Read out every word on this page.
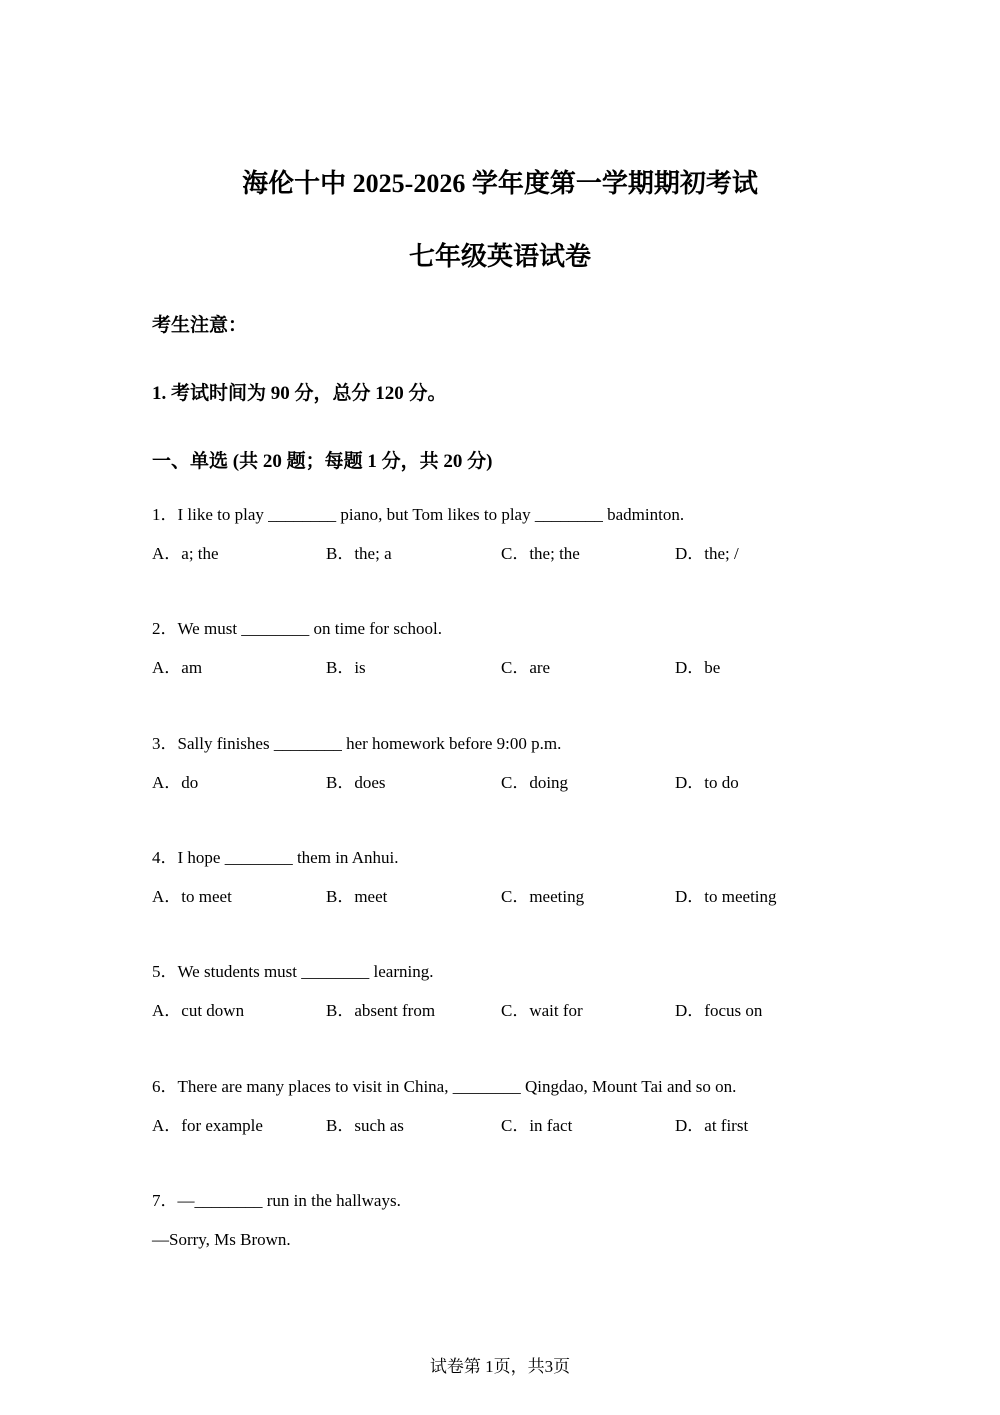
海伦十中 2025-2026 学年度第一学期期初考试
七年级英语试卷
考生注意：
1. 考试时间为 90 分，总分 120 分。
一、单选 (共 20 题；每题 1 分，共 20 分)
1．I like to play ________ piano, but Tom likes to play ________ badminton.
A．a; the	B．the; a	C．the; the	D．the; /
2．We must ________ on time for school.
A．am	B．is	C．are	D．be
3．Sally finishes ________ her homework before 9:00 p.m.
A．do	B．does	C．doing	D．to do
4．I hope ________ them in Anhui.
A．to meet	B．meet	C．meeting	D．to meeting
5．We students must ________ learning.
A．cut down	B．absent from	C．wait for	D．focus on
6．There are many places to visit in China, ________ Qingdao, Mount Tai and so on.
A．for example	B．such as	C．in fact	D．at first
7．—________ run in the hallways.
—Sorry, Ms Brown.
试卷第 1页，共3页
